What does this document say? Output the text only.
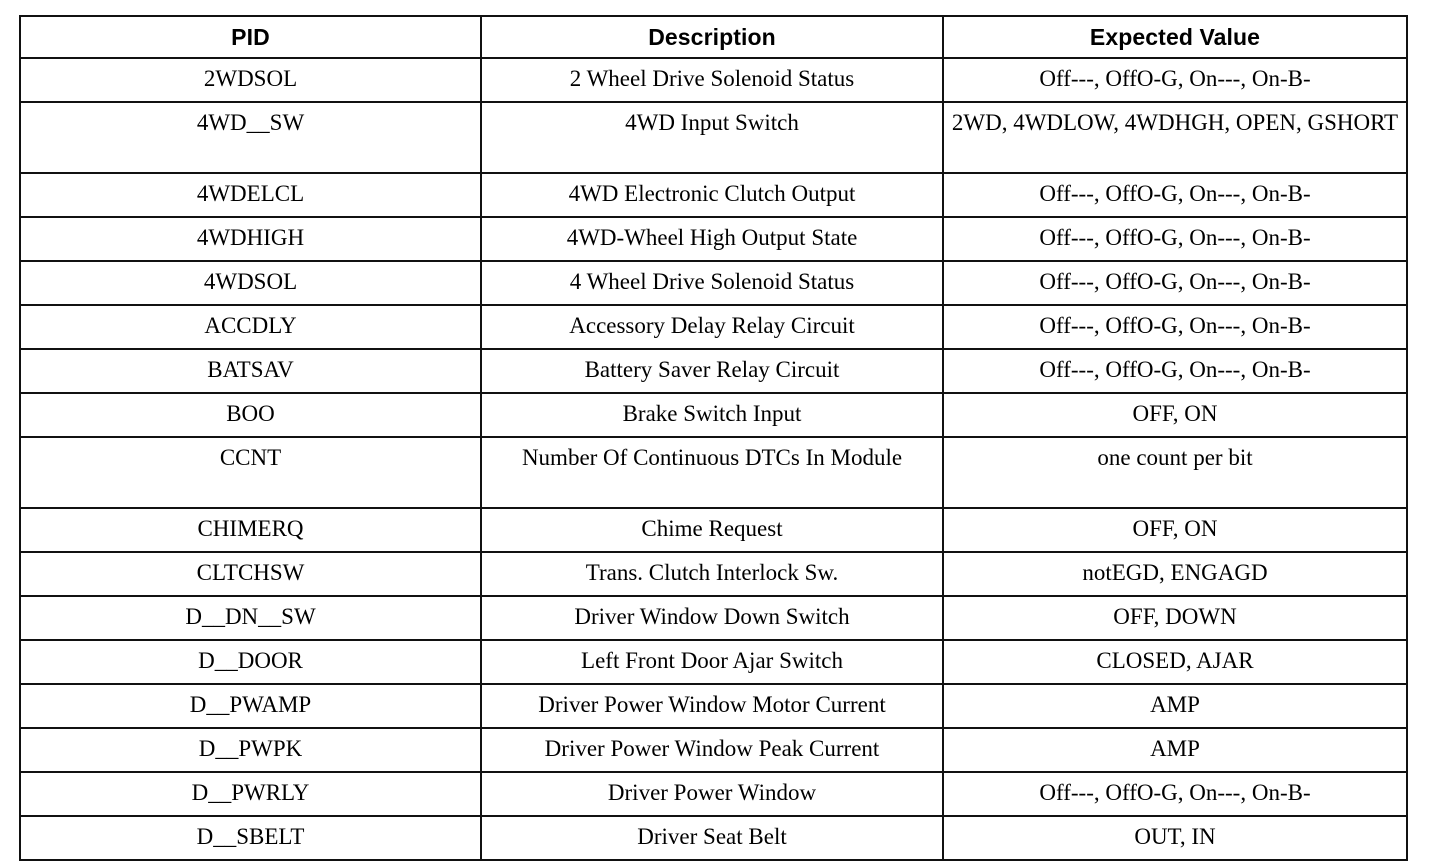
PID	Description	Expected Value
2WDSOL	2 Wheel Drive Solenoid Status	Off---, OffO-G, On---, On-B-
4WD__SW	4WD Input Switch	2WD, 4WDLOW, 4WDHGH, OPEN, GSHORT
4WDELCL	4WD Electronic Clutch Output	Off---, OffO-G, On---, On-B-
4WDHIGH	4WD-Wheel High Output State	Off---, OffO-G, On---, On-B-
4WDSOL	4 Wheel Drive Solenoid Status	Off---, OffO-G, On---, On-B-
ACCDLY	Accessory Delay Relay Circuit	Off---, OffO-G, On---, On-B-
BATSAV	Battery Saver Relay Circuit	Off---, OffO-G, On---, On-B-
BOO	Brake Switch Input	OFF, ON
CCNT	Number Of Continuous DTCs In Module	one count per bit
CHIMERQ	Chime Request	OFF, ON
CLTCHSW	Trans. Clutch Interlock Sw.	notEGD, ENGAGD
D__DN__SW	Driver Window Down Switch	OFF, DOWN
D__DOOR	Left Front Door Ajar Switch	CLOSED, AJAR
D__PWAMP	Driver Power Window Motor Current	AMP
D__PWPK	Driver Power Window Peak Current	AMP
D__PWRLY	Driver Power Window	Off---, OffO-G, On---, On-B-
D__SBELT	Driver Seat Belt	OUT, IN
